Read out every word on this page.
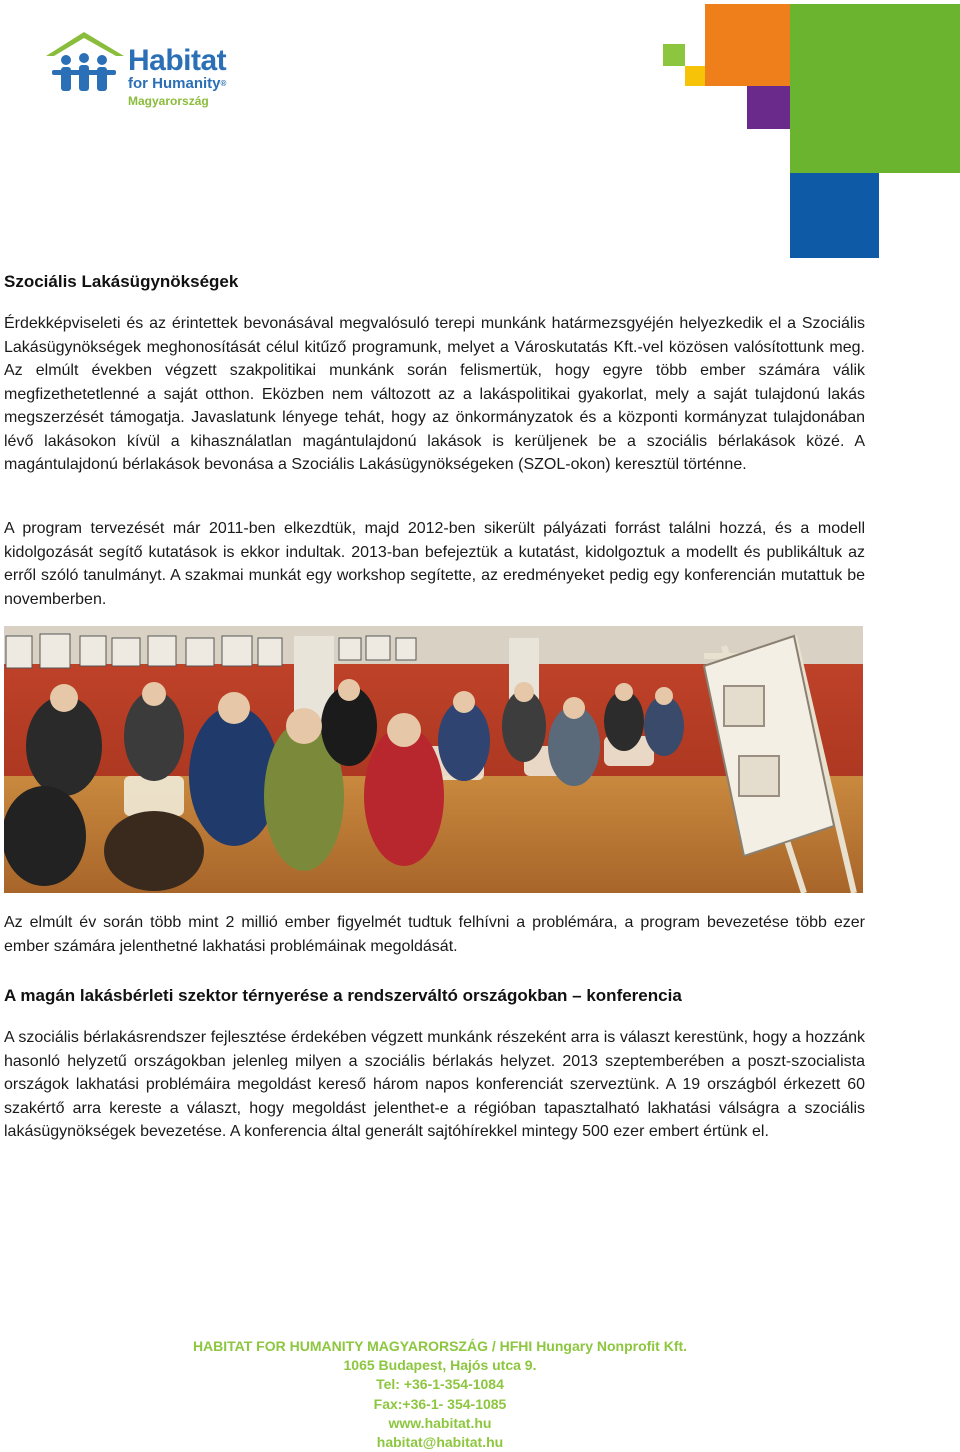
Habitat
for Humanity®
Magyarország
Szociális Lakásügynökségek

Érdekképviseleti és az érintettek bevonásával megvalósuló terepi munkánk határmezsgyéjén helyezkedik el a Szociális Lakásügynökségek meghonosítását célul kitűző programunk, melyet a Városkutatás Kft.-vel közösen valósítottunk meg. Az elmúlt években végzett szakpolitikai munkánk során felismertük, hogy egyre több ember számára válik megfizethetetlenné a saját otthon. Eközben nem változott az a lakáspolitikai gyakorlat, mely a saját tulajdonú lakás megszerzését támogatja. Javaslatunk lényege tehát, hogy az önkormányzatok és a központi kormányzat tulajdonában lévő lakásokon kívül a kihasználatlan magántulajdonú lakások is kerüljenek be a szociális bérlakások közé. A magántulajdonú bérlakások bevonása a Szociális Lakásügynökségeken (SZOL-okon) keresztül történne.

A program tervezését már 2011-ben elkezdtük, majd 2012-ben sikerült pályázati forrást találni hozzá, és a modell kidolgozását segítő kutatások is ekkor indultak. 2013-ban befejeztük a kutatást, kidolgoztuk a modellt és publikáltuk az erről szóló tanulmányt. A szakmai munkát egy workshop segítette, az eredményeket pedig egy konferencián mutattuk be novemberben.

Az elmúlt év során több mint 2 millió ember figyelmét tudtuk felhívni a problémára, a program bevezetése több ezer ember számára jelenthetné lakhatási problémáinak megoldását.

A magán lakásbérleti szektor térnyerése a rendszerváltó országokban – konferencia

A szociális bérlakásrendszer fejlesztése érdekében végzett munkánk részeként arra is választ kerestünk, hogy a hozzánk hasonló helyzetű országokban jelenleg milyen a szociális bérlakás helyzet. 2013 szeptemberében a poszt-szocialista országok lakhatási problémáira megoldást kereső három napos konferenciát szerveztünk. A 19 országból érkezett 60 szakértő arra kereste a választ, hogy megoldást jelenthet-e a régióban tapasztalható lakhatási válságra a szociális lakásügynökségek bevezetése. A konferencia által generált sajtóhírekkel mintegy 500 ezer embert értünk el.

HABITAT FOR HUMANITY MAGYARORSZÁG / HFHI Hungary Nonprofit Kft.
1065 Budapest, Hajós utca 9.
Tel: +36-1-354-1084
Fax:+36-1- 354-1085
www.habitat.hu
habitat@habitat.hu
